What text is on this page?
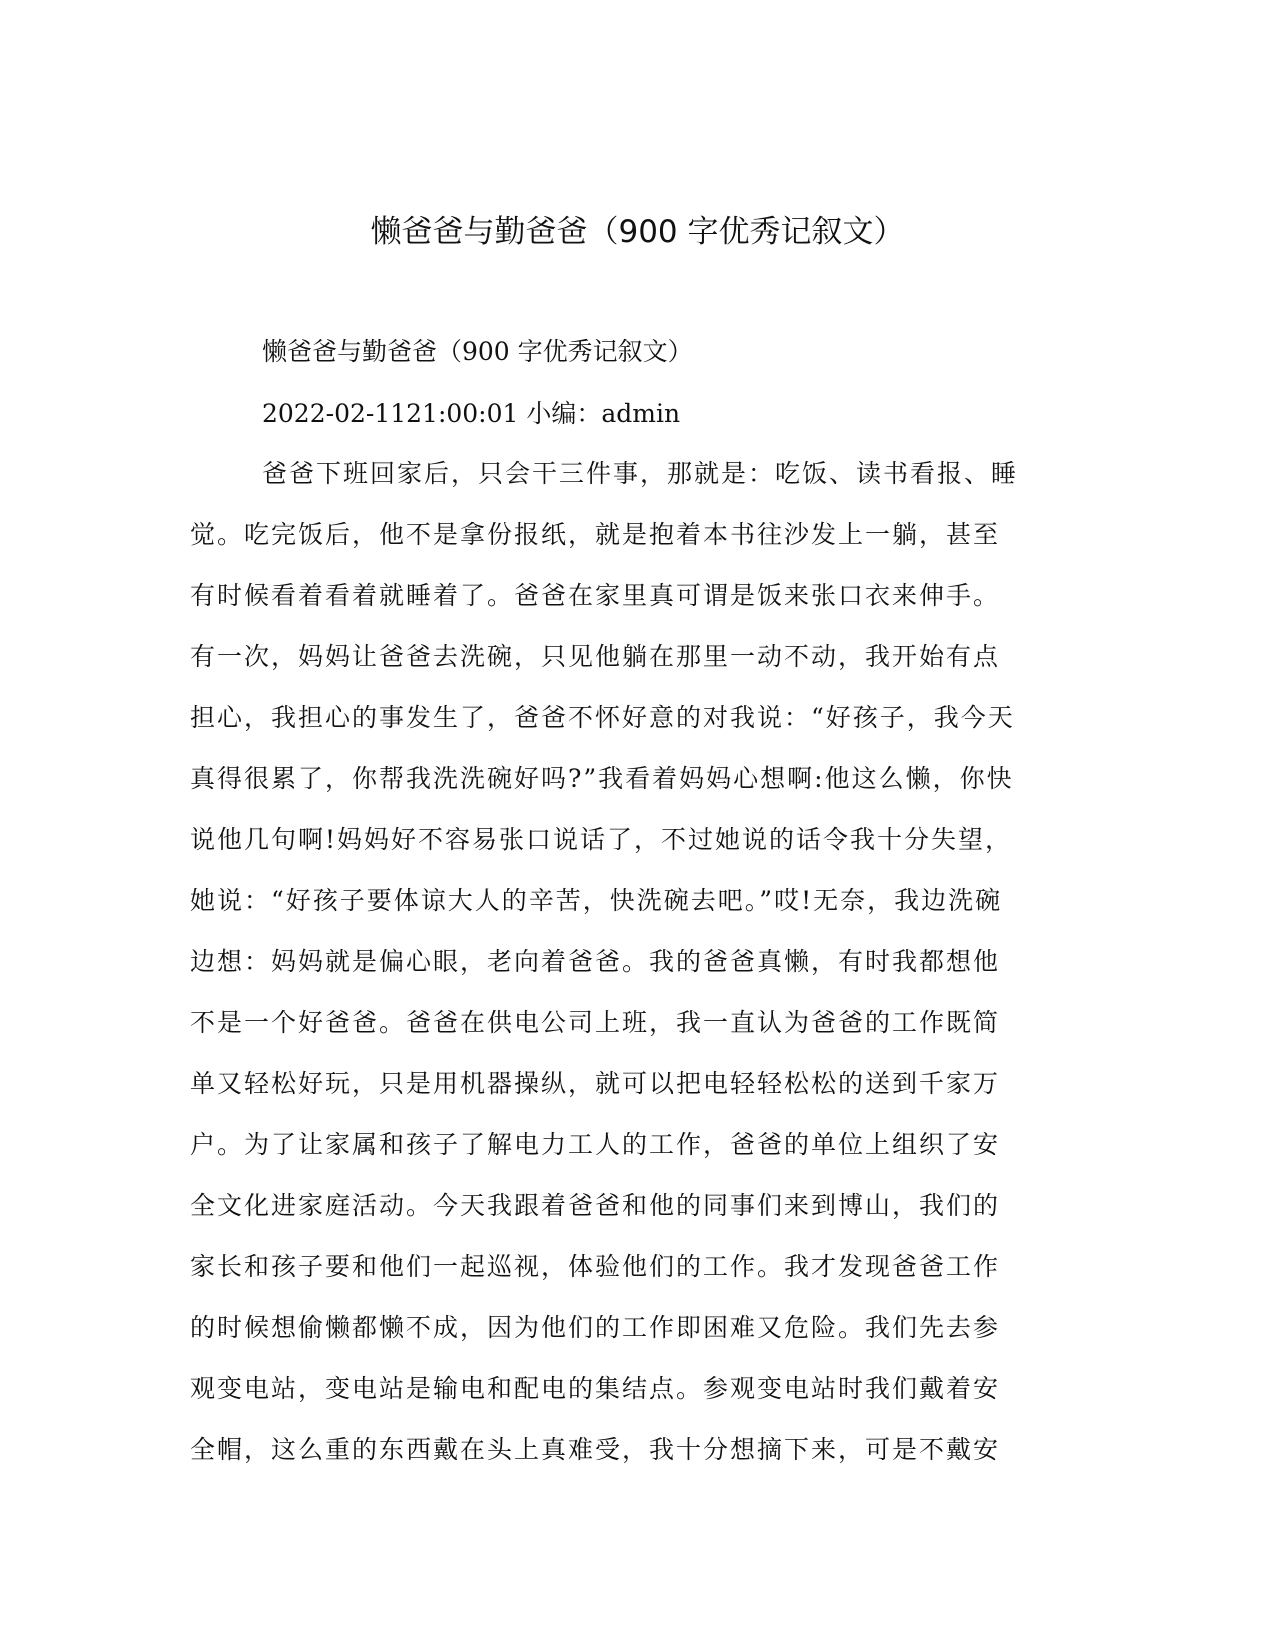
懒爸爸与勤爸爸（900 字优秀记叙文）
懒爸爸与勤爸爸（900 字优秀记叙文）
2022-02-1121:00:01 小编：admin
爸爸下班回家后，只会干三件事，那就是：吃饭、读书看报、睡
觉。吃完饭后，他不是拿份报纸，就是抱着本书往沙发上一躺，甚至
有时候看着看着就睡着了。爸爸在家里真可谓是饭来张口衣来伸手。
有一次，妈妈让爸爸去洗碗，只见他躺在那里一动不动，我开始有点
担心，我担心的事发生了，爸爸不怀好意的对我说：“好孩子，我今天
真得很累了，你帮我洗洗碗好吗?”我看着妈妈心想啊:他这么懒，你快
说他几句啊!妈妈好不容易张口说话了，不过她说的话令我十分失望，
她说：“好孩子要体谅大人的辛苦，快洗碗去吧。”哎!无奈，我边洗碗
边想：妈妈就是偏心眼，老向着爸爸。我的爸爸真懒，有时我都想他
不是一个好爸爸。爸爸在供电公司上班，我一直认为爸爸的工作既简
单又轻松好玩，只是用机器操纵，就可以把电轻轻松松的送到千家万
户。为了让家属和孩子了解电力工人的工作，爸爸的单位上组织了安
全文化进家庭活动。今天我跟着爸爸和他的同事们来到博山，我们的
家长和孩子要和他们一起巡视，体验他们的工作。我才发现爸爸工作
的时候想偷懒都懒不成，因为他们的工作即困难又危险。我们先去参
观变电站，变电站是输电和配电的集结点。参观变电站时我们戴着安
全帽，这么重的东西戴在头上真难受，我十分想摘下来，可是不戴安
